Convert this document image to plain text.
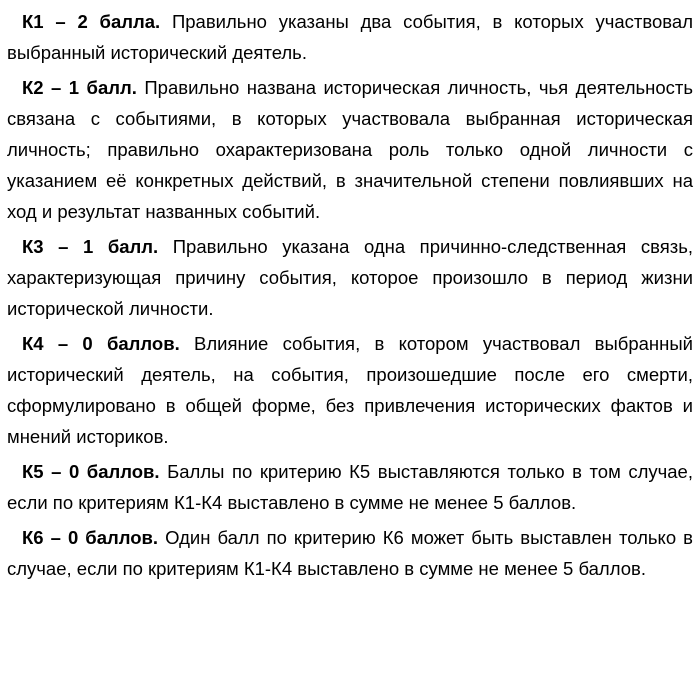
К1 – 2 балла. Правильно указаны два события, в которых участвовал выбранный исторический деятель.

К2 – 1 балл. Правильно названа историческая личность, чья деятельность связана с событиями, в которых участвовала выбранная историческая личность; правильно охарактеризована роль только одной личности с указанием её конкретных действий, в значительной степени повлиявших на ход и результат названных событий.

К3 – 1 балл. Правильно указана одна причинно-следственная связь, характеризующая причину события, которое произошло в период жизни исторической личности.

К4 – 0 баллов. Влияние события, в котором участвовал выбранный исторический деятель, на события, произошедшие после его смерти, сформулировано в общей форме, без привлечения исторических фактов и мнений историков.

К5 – 0 баллов. Баллы по критерию К5 выставляются только в том случае, если по критериям К1-К4 выставлено в сумме не менее 5 баллов.

К6 – 0 баллов. Один балл по критерию К6 может быть выставлен только в случае, если по критериям К1-К4 выставлено в сумме не менее 5 баллов.
